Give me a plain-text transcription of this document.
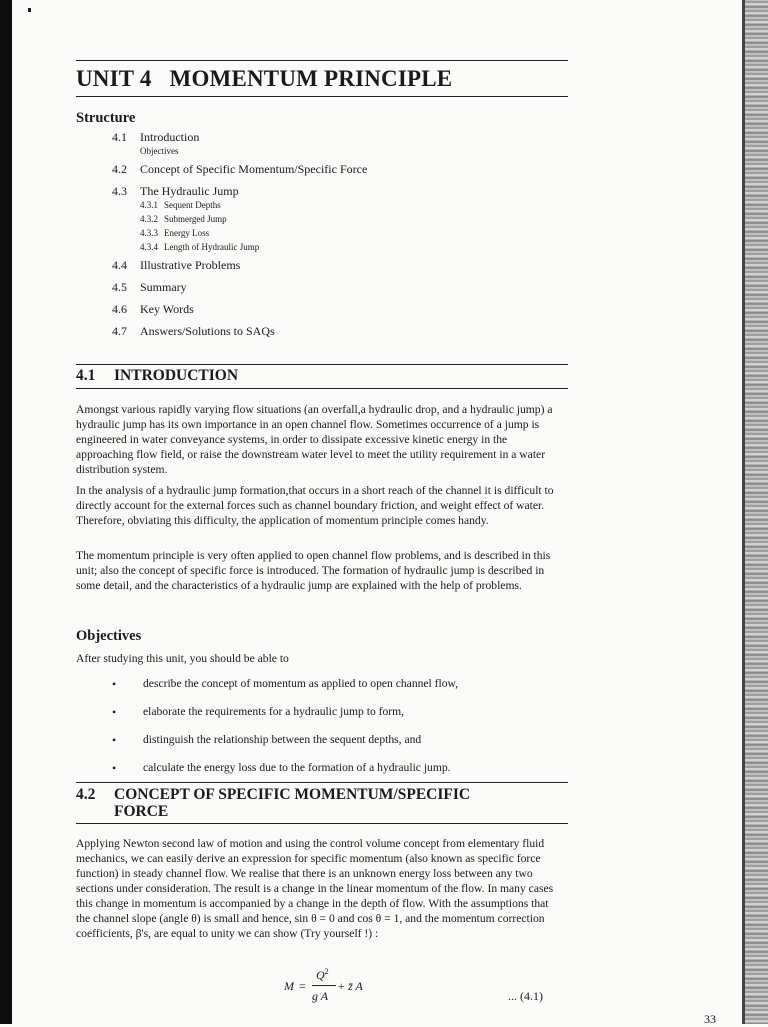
UNIT 4 MOMENTUM PRINCIPLE
Structure
4.1 Introduction
Objectives
4.2 Concept of Specific Momentum/Specific Force
4.3 The Hydraulic Jump
4.3.1 Sequent Depths
4.3.2 Submerged Jump
4.3.3 Energy Loss
4.3.4 Length of Hydraulic Jump
4.4 Illustrative Problems
4.5 Summary
4.6 Key Words
4.7 Answers/Solutions to SAQs
4.1 INTRODUCTION
Amongst various rapidly varying flow situations (an overfall,a hydraulic drop, and a hydraulic jump) a hydraulic jump has its own importance in an open channel flow. Sometimes occurrence of a jump is engineered in water conveyance systems, in order to dissipate excessive kinetic energy in the approaching flow field, or raise the downstream water level to meet the utility requirement in a water distribution system.
In the analysis of a hydraulic jump formation,that occurs in a short reach of the channel it is difficult to directly account for the external forces such as channel boundary friction, and weight effect of water. Therefore, obviating this difficulty, the application of momentum principle comes handy.
The momentum principle is very often applied to open channel flow problems, and is described in this unit; also the concept of specific force is introduced. The formation of hydraulic jump is described in some detail, and the characteristics of a hydraulic jump are explained with the help of problems.
Objectives
After studying this unit, you should be able to
•	describe the concept of momentum as applied to open channel flow,
•	elaborate the requirements for a hydraulic jump to form,
•	distinguish the relationship between the sequent depths, and
•	calculate the energy loss due to the formation of a hydraulic jump.
4.2 CONCEPT OF SPECIFIC MOMENTUM/SPECIFIC
FORCE
Applying Newton second law of motion and using the control volume concept from elementary fluid mechanics, we can easily derive an expression for specific momentum (also known as specific force function) in steady channel flow. We realise that there is an unknown energy loss between any two sections under consideration. The result is a change in the linear momentum of the flow. In many cases this change in momentum is accompanied by a change in the depth of flow. With the assumptions that the channel slope (angle θ) is small and hence, sin θ = 0 and cos θ = 1, and the momentum correction coefficients, β's, are equal to unity we can show (Try yourself !) :
M =
$Q^2$
g A
+ z̄ A
... (4.1)
33
